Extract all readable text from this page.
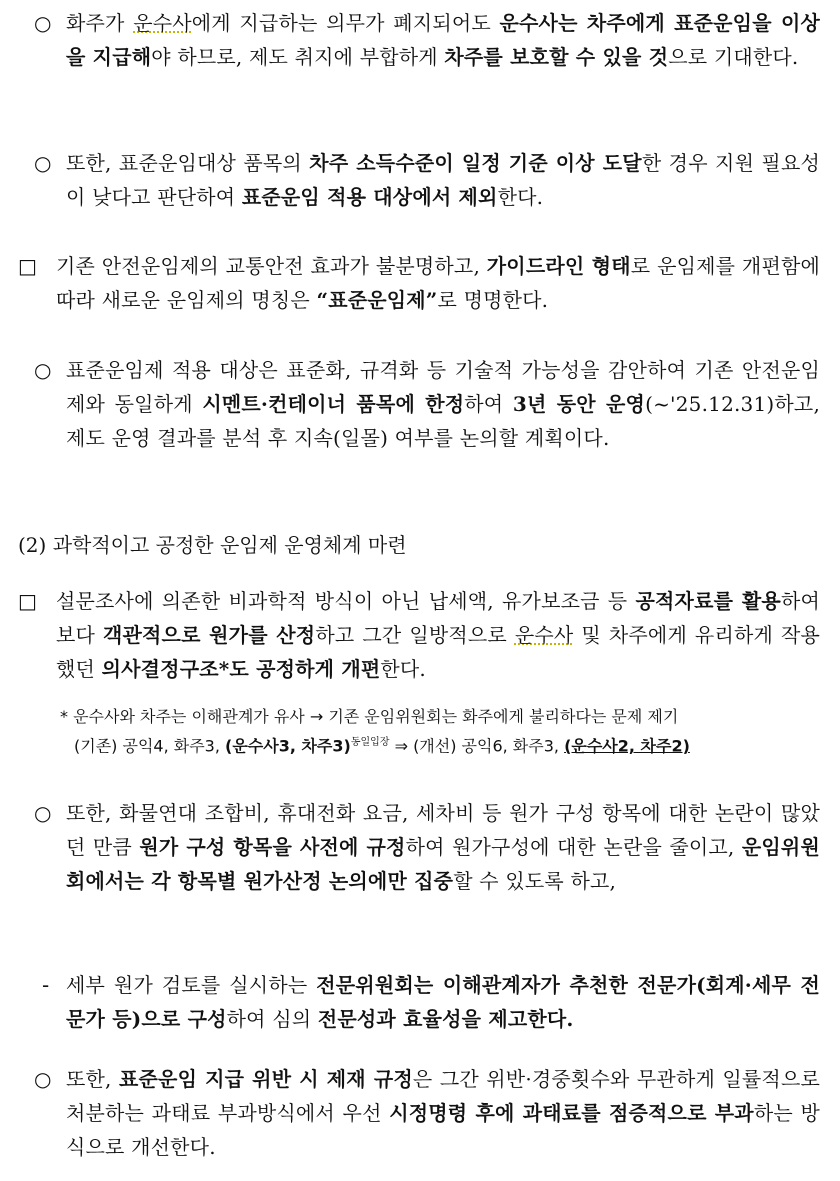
○ 화주가 운수사에게 지급하는 의무가 폐지되어도 운수사는 차주에게 표준운임을 이상을 지급해야 하므로, 제도 취지에 부합하게 차주를 보호할 수 있을 것으로 기대한다.
○ 또한, 표준운임대상 품목의 차주 소득수준이 일정 기준 이상 도달한 경우 지원 필요성이 낮다고 판단하여 표준운임 적용 대상에서 제외한다.
□ 기존 안전운임제의 교통안전 효과가 불분명하고, 가이드라인 형태로 운임제를 개편함에 따라 새로운 운임제의 명칭은 “표준운임제”로 명명한다.
○ 표준운임제 적용 대상은 표준화, 규격화 등 기술적 가능성을 감안하여 기존 안전운임제와 동일하게 시멘트·컨테이너 품목에 한정하여 3년 동안 운영(~'25.12.31)하고, 제도 운영 결과를 분석 후 지속(일몰) 여부를 논의할 계획이다.
(2) 과학적이고 공정한 운임제 운영체계 마련
□ 설문조사에 의존한 비과학적 방식이 아닌 납세액, 유가보조금 등 공적자료를 활용하여 보다 객관적으로 원가를 산정하고 그간 일방적으로 운수사 및 차주에게 유리하게 작용했던 의사결정구조*도 공정하게 개편한다.
* 운수사와 차주는 이해관계가 유사 → 기존 운임위원회는 화주에게 불리하다는 문제 제기
(기존) 공익4, 화주3, (운수사3, 차주3)$^{동일입장}$ ⇒ (개선) 공익6, 화주3, (운수사2, 차주2)
○ 또한, 화물연대 조합비, 휴대전화 요금, 세차비 등 원가 구성 항목에 대한 논란이 많았던 만큼 원가 구성 항목을 사전에 규정하여 원가구성에 대한 논란을 줄이고, 운임위원회에서는 각 항목별 원가산정 논의에만 집중할 수 있도록 하고,
- 세부 원가 검토를 실시하는 전문위원회는 이해관계자가 추천한 전문가(회계·세무 전문가 등)으로 구성하여 심의 전문성과 효율성을 제고한다.
○ 또한, 표준운임 지급 위반 시 제재 규정은 그간 위반·경중횟수와 무관하게 일률적으로 처분하는 과태료 부과방식에서 우선 시정명령 후에 과태료를 점증적으로 부과하는 방식으로 개선한다.
